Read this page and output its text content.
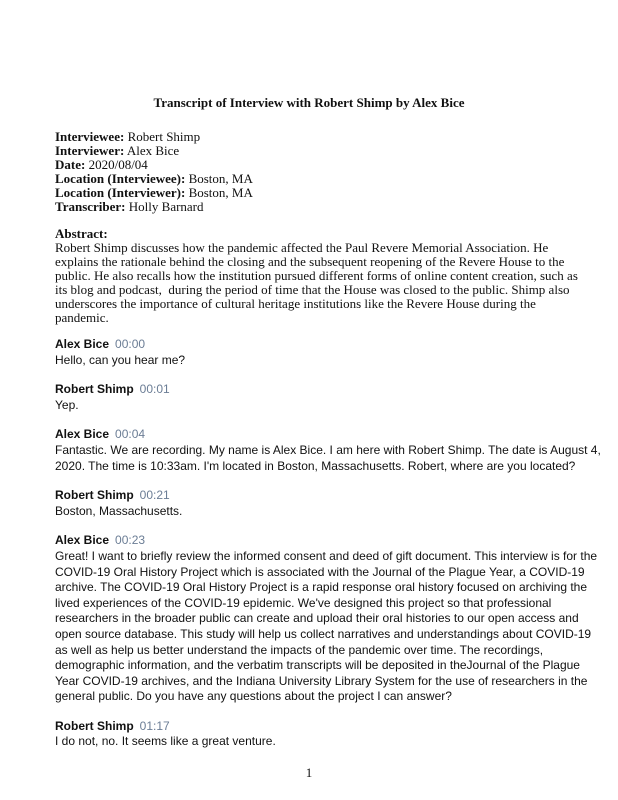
Transcript of Interview with Robert Shimp by Alex Bice
Interviewee: Robert Shimp
Interviewer: Alex Bice
Date: 2020/08/04
Location (Interviewee): Boston, MA
Location (Interviewer): Boston, MA
Transcriber: Holly Barnard
Abstract:
Robert Shimp discusses how the pandemic affected the Paul Revere Memorial Association. He
explains the rationale behind the closing and the subsequent reopening of the Revere House to the
public. He also recalls how the institution pursued different forms of online content creation, such as
its blog and podcast,  during the period of time that the House was closed to the public. Shimp also
underscores the importance of cultural heritage institutions like the Revere House during the
pandemic.
Alex Bice 00:00
Hello, can you hear me?
Robert Shimp 00:01
Yep.
Alex Bice 00:04
Fantastic. We are recording. My name is Alex Bice. I am here with Robert Shimp. The date is August 4,
2020. The time is 10:33am. I'm located in Boston, Massachusetts. Robert, where are you located?
Robert Shimp 00:21
Boston, Massachusetts.
Alex Bice 00:23
Great! I want to briefly review the informed consent and deed of gift document. This interview is for the
COVID-19 Oral History Project which is associated with the Journal of the Plague Year, a COVID-19
archive. The COVID-19 Oral History Project is a rapid response oral history focused on archiving the
lived experiences of the COVID-19 epidemic. We've designed this project so that professional
researchers in the broader public can create and upload their oral histories to our open access and
open source database. This study will help us collect narratives and understandings about COVID-19
as well as help us better understand the impacts of the pandemic over time. The recordings,
demographic information, and the verbatim transcripts will be deposited in theJournal of the Plague
Year COVID-19 archives, and the Indiana University Library System for the use of researchers in the
general public. Do you have any questions about the project I can answer?
Robert Shimp 01:17
I do not, no. It seems like a great venture.
1
